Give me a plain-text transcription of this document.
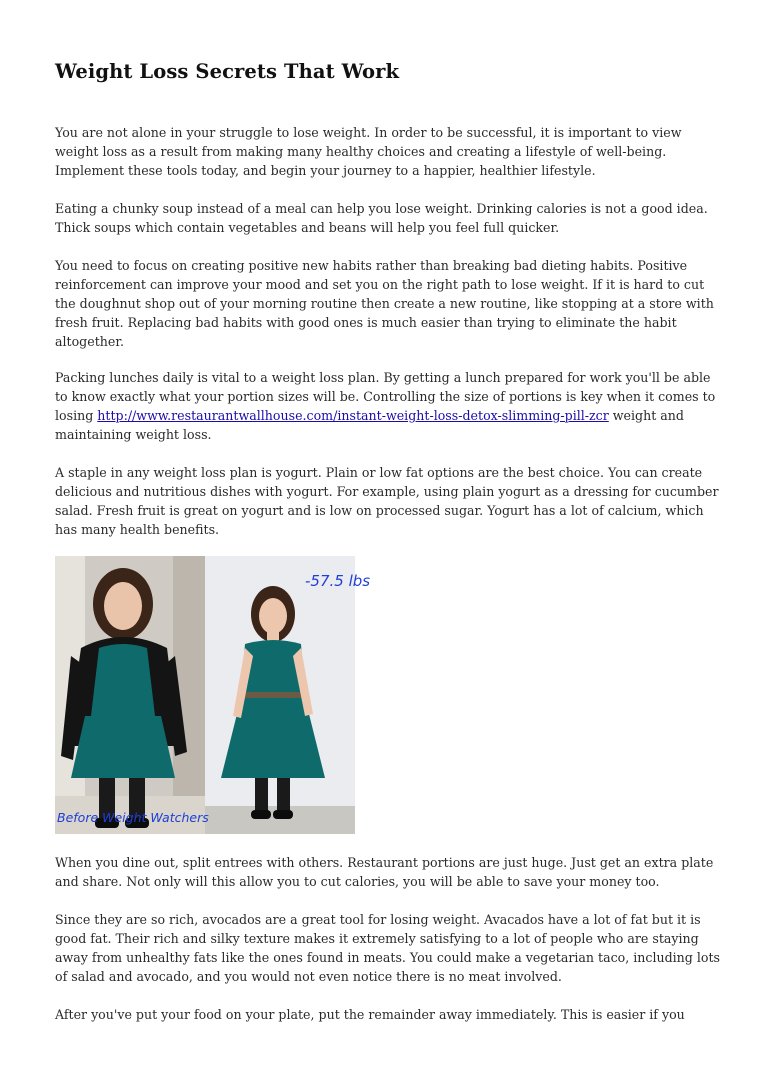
Weight Loss Secrets That Work

You are not alone in your struggle to lose weight. In order to be successful, it is important to view weight loss as a result from making many healthy choices and creating a lifestyle of well-being. Implement these tools today, and begin your journey to a happier, healthier lifestyle.

Eating a chunky soup instead of a meal can help you lose weight. Drinking calories is not a good idea. Thick soups which contain vegetables and beans will help you feel full quicker.

You need to focus on creating positive new habits rather than breaking bad dieting habits. Positive reinforcement can improve your mood and set you on the right path to lose weight. If it is hard to cut the doughnut shop out of your morning routine then create a new routine, like stopping at a store with fresh fruit. Replacing bad habits with good ones is much easier than trying to eliminate the habit altogether.

Packing lunches daily is vital to a weight loss plan. By getting a lunch prepared for work you'll be able to know exactly what your portion sizes will be. Controlling the size of portions is key when it comes to losing http://www.restaurantwallhouse.com/instant-weight-loss-detox-slimming-pill-zcr weight and maintaining weight loss.

A staple in any weight loss plan is yogurt. Plain or low fat options are the best choice. You can create delicious and nutritious dishes with yogurt. For example, using plain yogurt as a dressing for cucumber salad. Fresh fruit is great on yogurt and is low on processed sugar. Yogurt has a lot of calcium, which has many health benefits.

-57.5 lbs
Before Weight Watchers

When you dine out, split entrees with others. Restaurant portions are just huge. Just get an extra plate and share. Not only will this allow you to cut calories, you will be able to save your money too.

Since they are so rich, avocados are a great tool for losing weight. Avacados have a lot of fat but it is good fat. Their rich and silky texture makes it extremely satisfying to a lot of people who are staying away from unhealthy fats like the ones found in meats. You could make a vegetarian taco, including lots of salad and avocado, and you would not even notice there is no meat involved.

After you've put your food on your plate, put the remainder away immediately. This is easier if you
